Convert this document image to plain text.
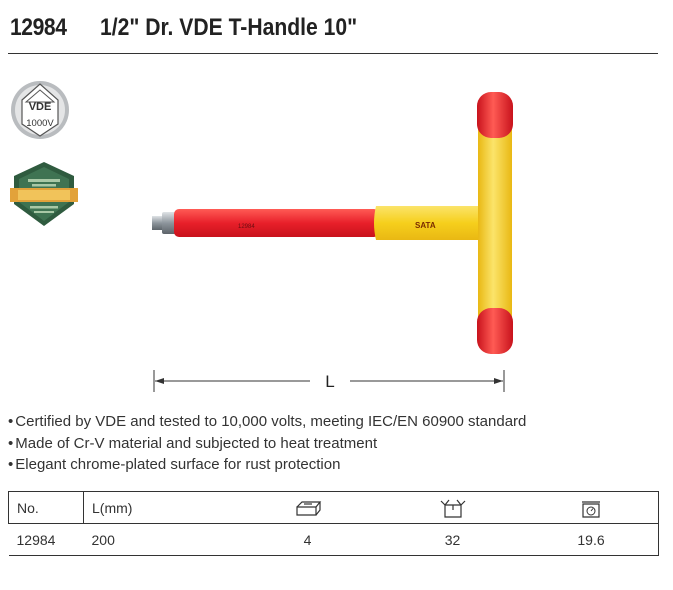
12984 1/2" Dr. VDE T-Handle 10"
VDE
1000V
12984	SATA
L
• Certified by VDE and tested to 10,000 volts, meeting IEC/EN 60900 standard
• Made of Cr-V material and subjected to heat treatment
• Elegant chrome-plated surface for rust protection
No.	L(mm)			
12984	200	4	32	19.6
